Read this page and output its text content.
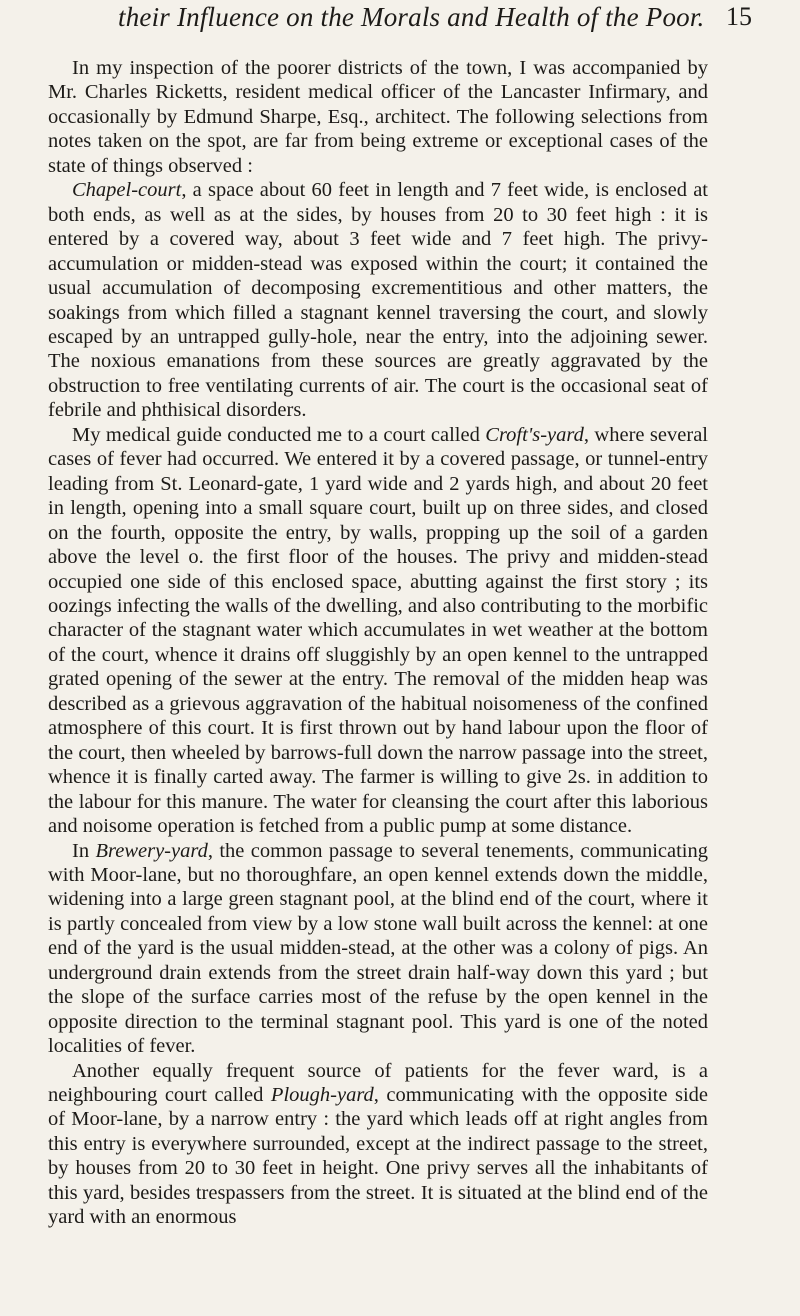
their Influence on the Morals and Health of the Poor. 15

In my inspection of the poorer districts of the town, I was accompanied by Mr. Charles Ricketts, resident medical officer of the Lancaster Infirmary, and occasionally by Edmund Sharpe, Esq., architect. The following selections from notes taken on the spot, are far from being extreme or exceptional cases of the state of things observed :

Chapel-court, a space about 60 feet in length and 7 feet wide, is enclosed at both ends, as well as at the sides, by houses from 20 to 30 feet high : it is entered by a covered way, about 3 feet wide and 7 feet high. The privy-accumulation or midden-stead was exposed within the court; it contained the usual accumulation of decomposing excrementitious and other matters, the soakings from which filled a stagnant kennel traversing the court, and slowly escaped by an untrapped gully-hole, near the entry, into the adjoining sewer. The noxious emanations from these sources are greatly aggravated by the obstruction to free ventilating currents of air. The court is the occasional seat of febrile and phthisical disorders.

My medical guide conducted me to a court called Croft's-yard, where several cases of fever had occurred. We entered it by a covered passage, or tunnel-entry leading from St. Leonard-gate, 1 yard wide and 2 yards high, and about 20 feet in length, opening into a small square court, built up on three sides, and closed on the fourth, opposite the entry, by walls, propping up the soil of a garden above the level o. the first floor of the houses. The privy and midden-stead occupied one side of this enclosed space, abutting against the first story ; its oozings infecting the walls of the dwelling, and also contributing to the morbific character of the stagnant water which accumulates in wet weather at the bottom of the court, whence it drains off sluggishly by an open kennel to the untrapped grated opening of the sewer at the entry. The removal of the midden heap was described as a grievous aggravation of the habitual noisomeness of the confined atmosphere of this court. It is first thrown out by hand labour upon the floor of the court, then wheeled by barrows-full down the narrow passage into the street, whence it is finally carted away. The farmer is willing to give 2s. in addition to the labour for this manure. The water for cleansing the court after this laborious and noisome operation is fetched from a public pump at some distance.

In Brewery-yard, the common passage to several tenements, communicating with Moor-lane, but no thoroughfare, an open kennel extends down the middle, widening into a large green stagnant pool, at the blind end of the court, where it is partly concealed from view by a low stone wall built across the kennel: at one end of the yard is the usual midden-stead, at the other was a colony of pigs. An underground drain extends from the street drain half-way down this yard ; but the slope of the surface carries most of the refuse by the open kennel in the opposite direction to the terminal stagnant pool. This yard is one of the noted localities of fever.

Another equally frequent source of patients for the fever ward, is a neighbouring court called Plough-yard, communicating with the opposite side of Moor-lane, by a narrow entry : the yard which leads off at right angles from this entry is everywhere surrounded, except at the indirect passage to the street, by houses from 20 to 30 feet in height. One privy serves all the inhabitants of this yard, besides trespassers from the street. It is situated at the blind end of the yard with an enormous
